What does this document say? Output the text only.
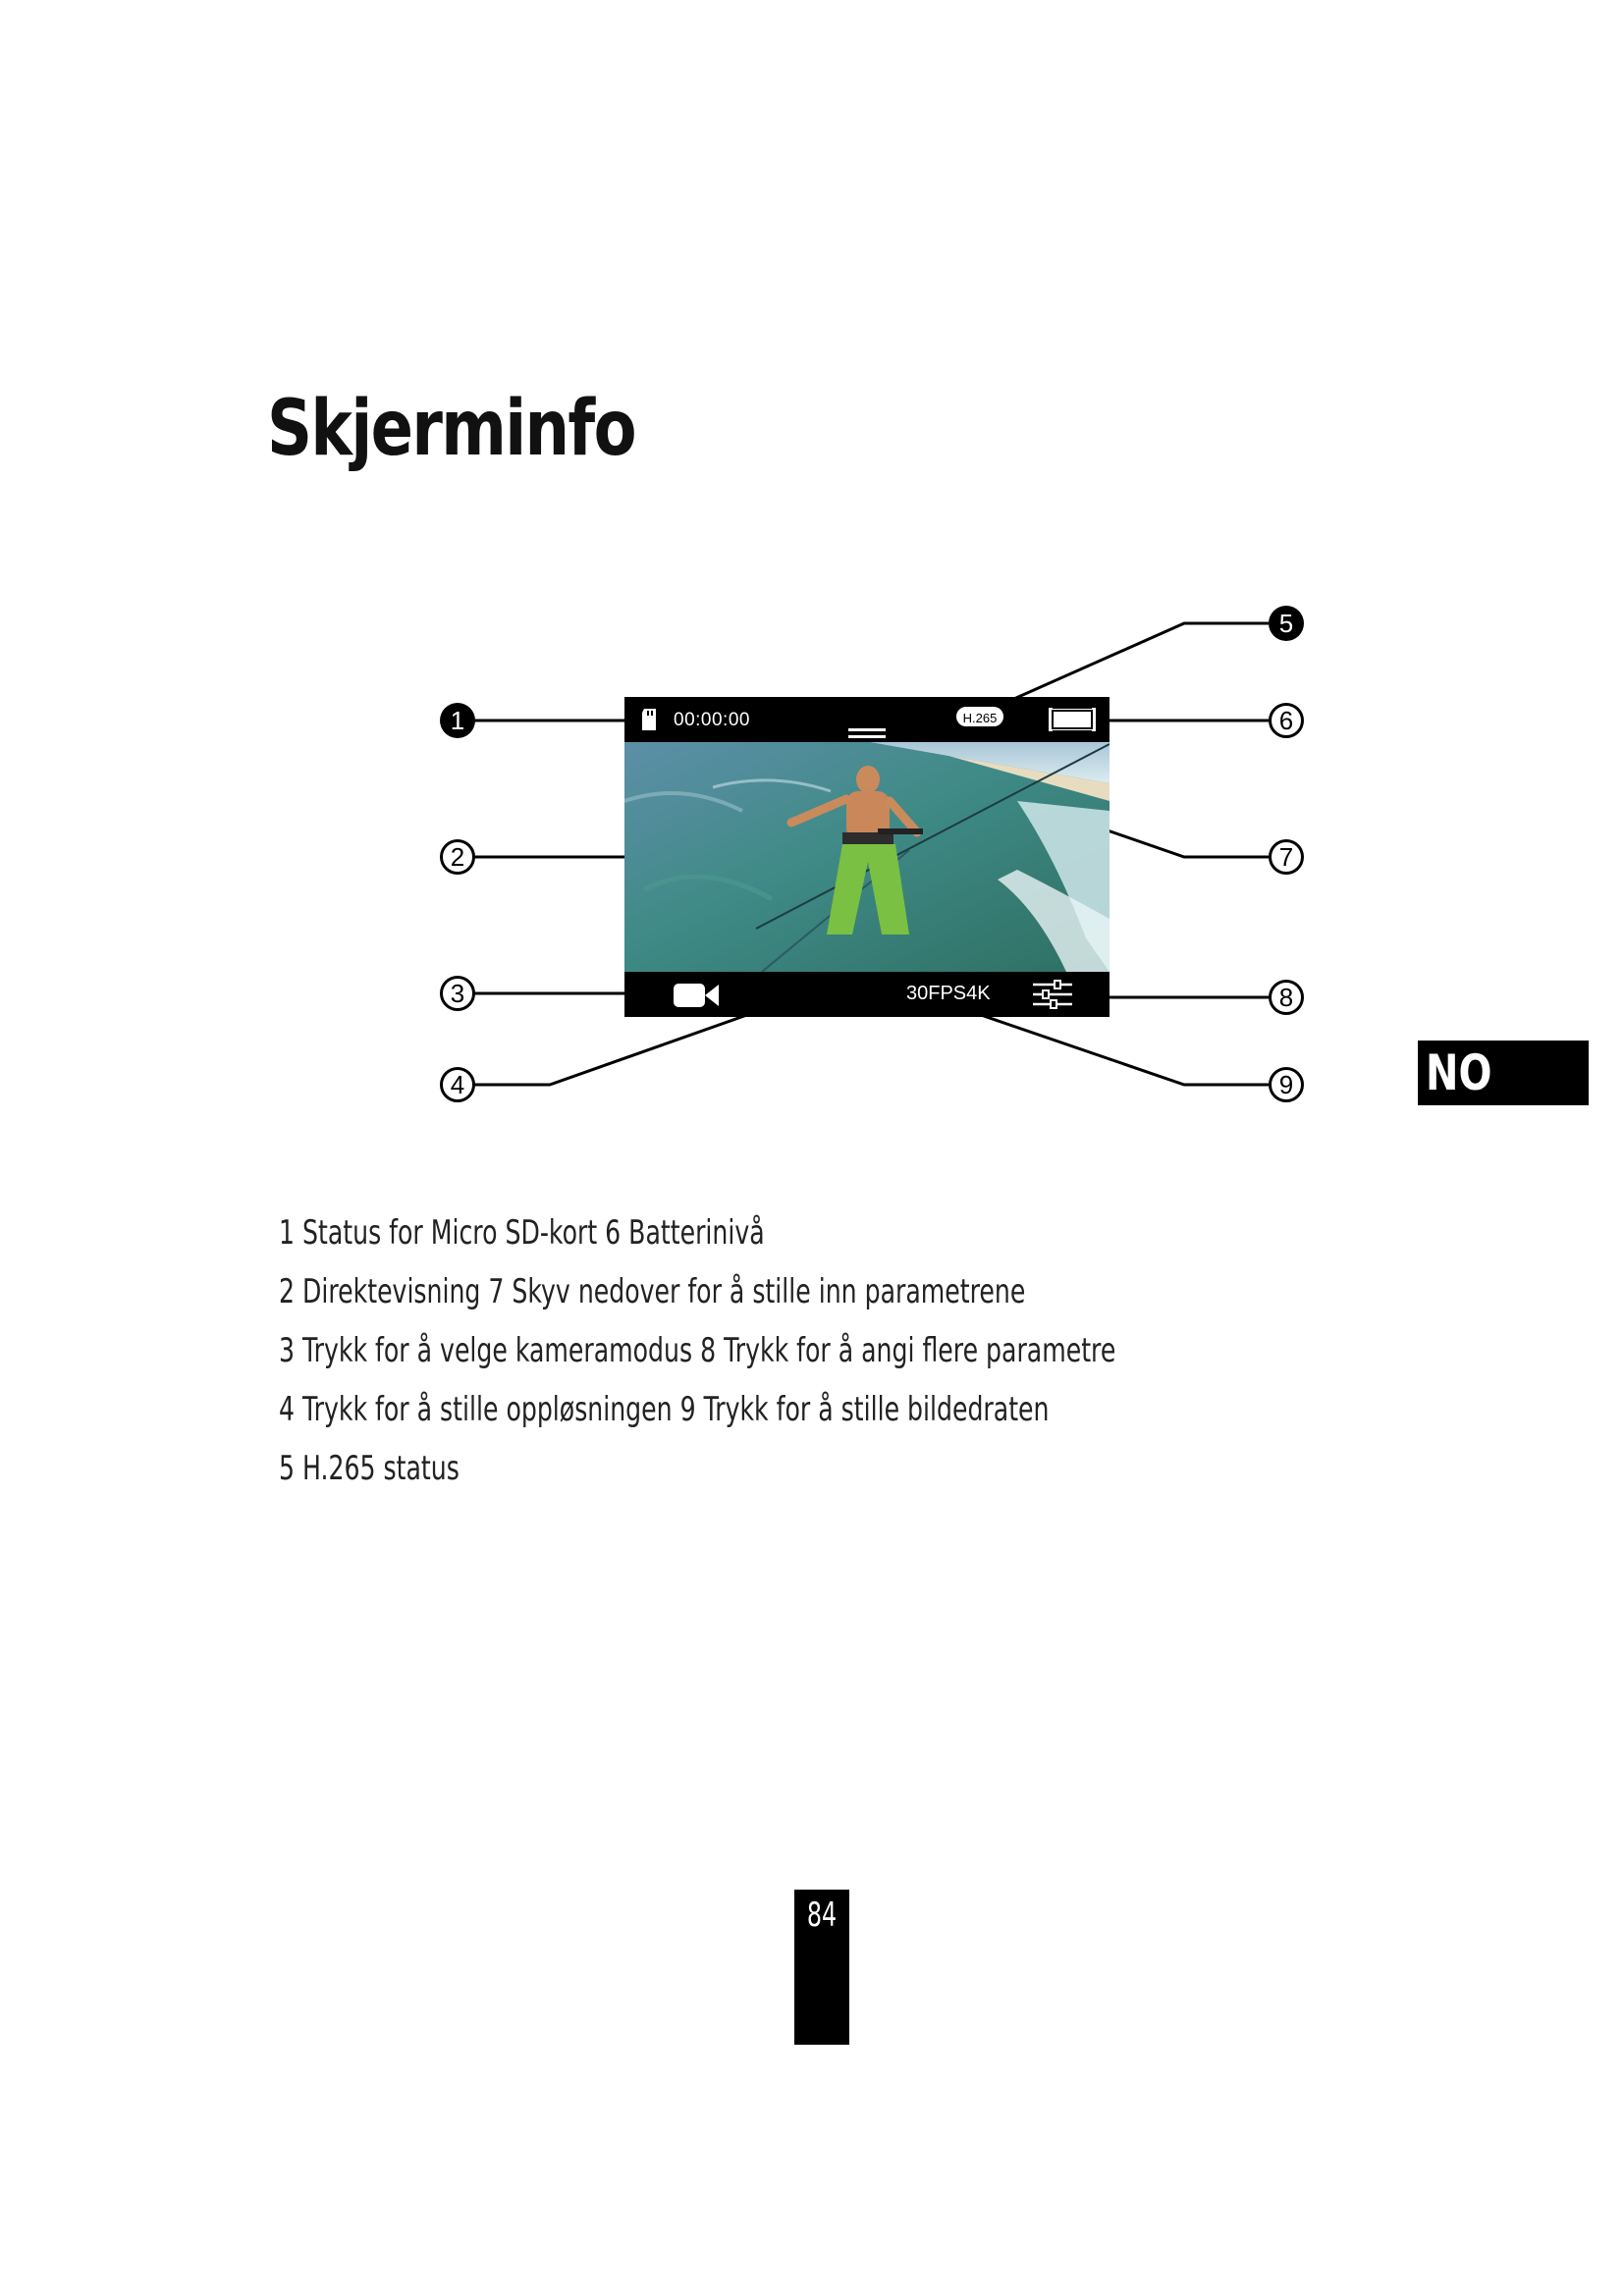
Skjerminfo
NO
00:00:00	H.265
30FPS4K
1
2
3
4
5
6
7
8
9
1 Status for Micro SD-kort 6 Batterinivå
2 Direktevisning 7 Skyv nedover for å stille inn parametrene
3 Trykk for å velge kameramodus 8 Trykk for å angi flere parametre
4 Trykk for å stille oppløsningen 9 Trykk for å stille bildedraten
5 H.265 status
84
